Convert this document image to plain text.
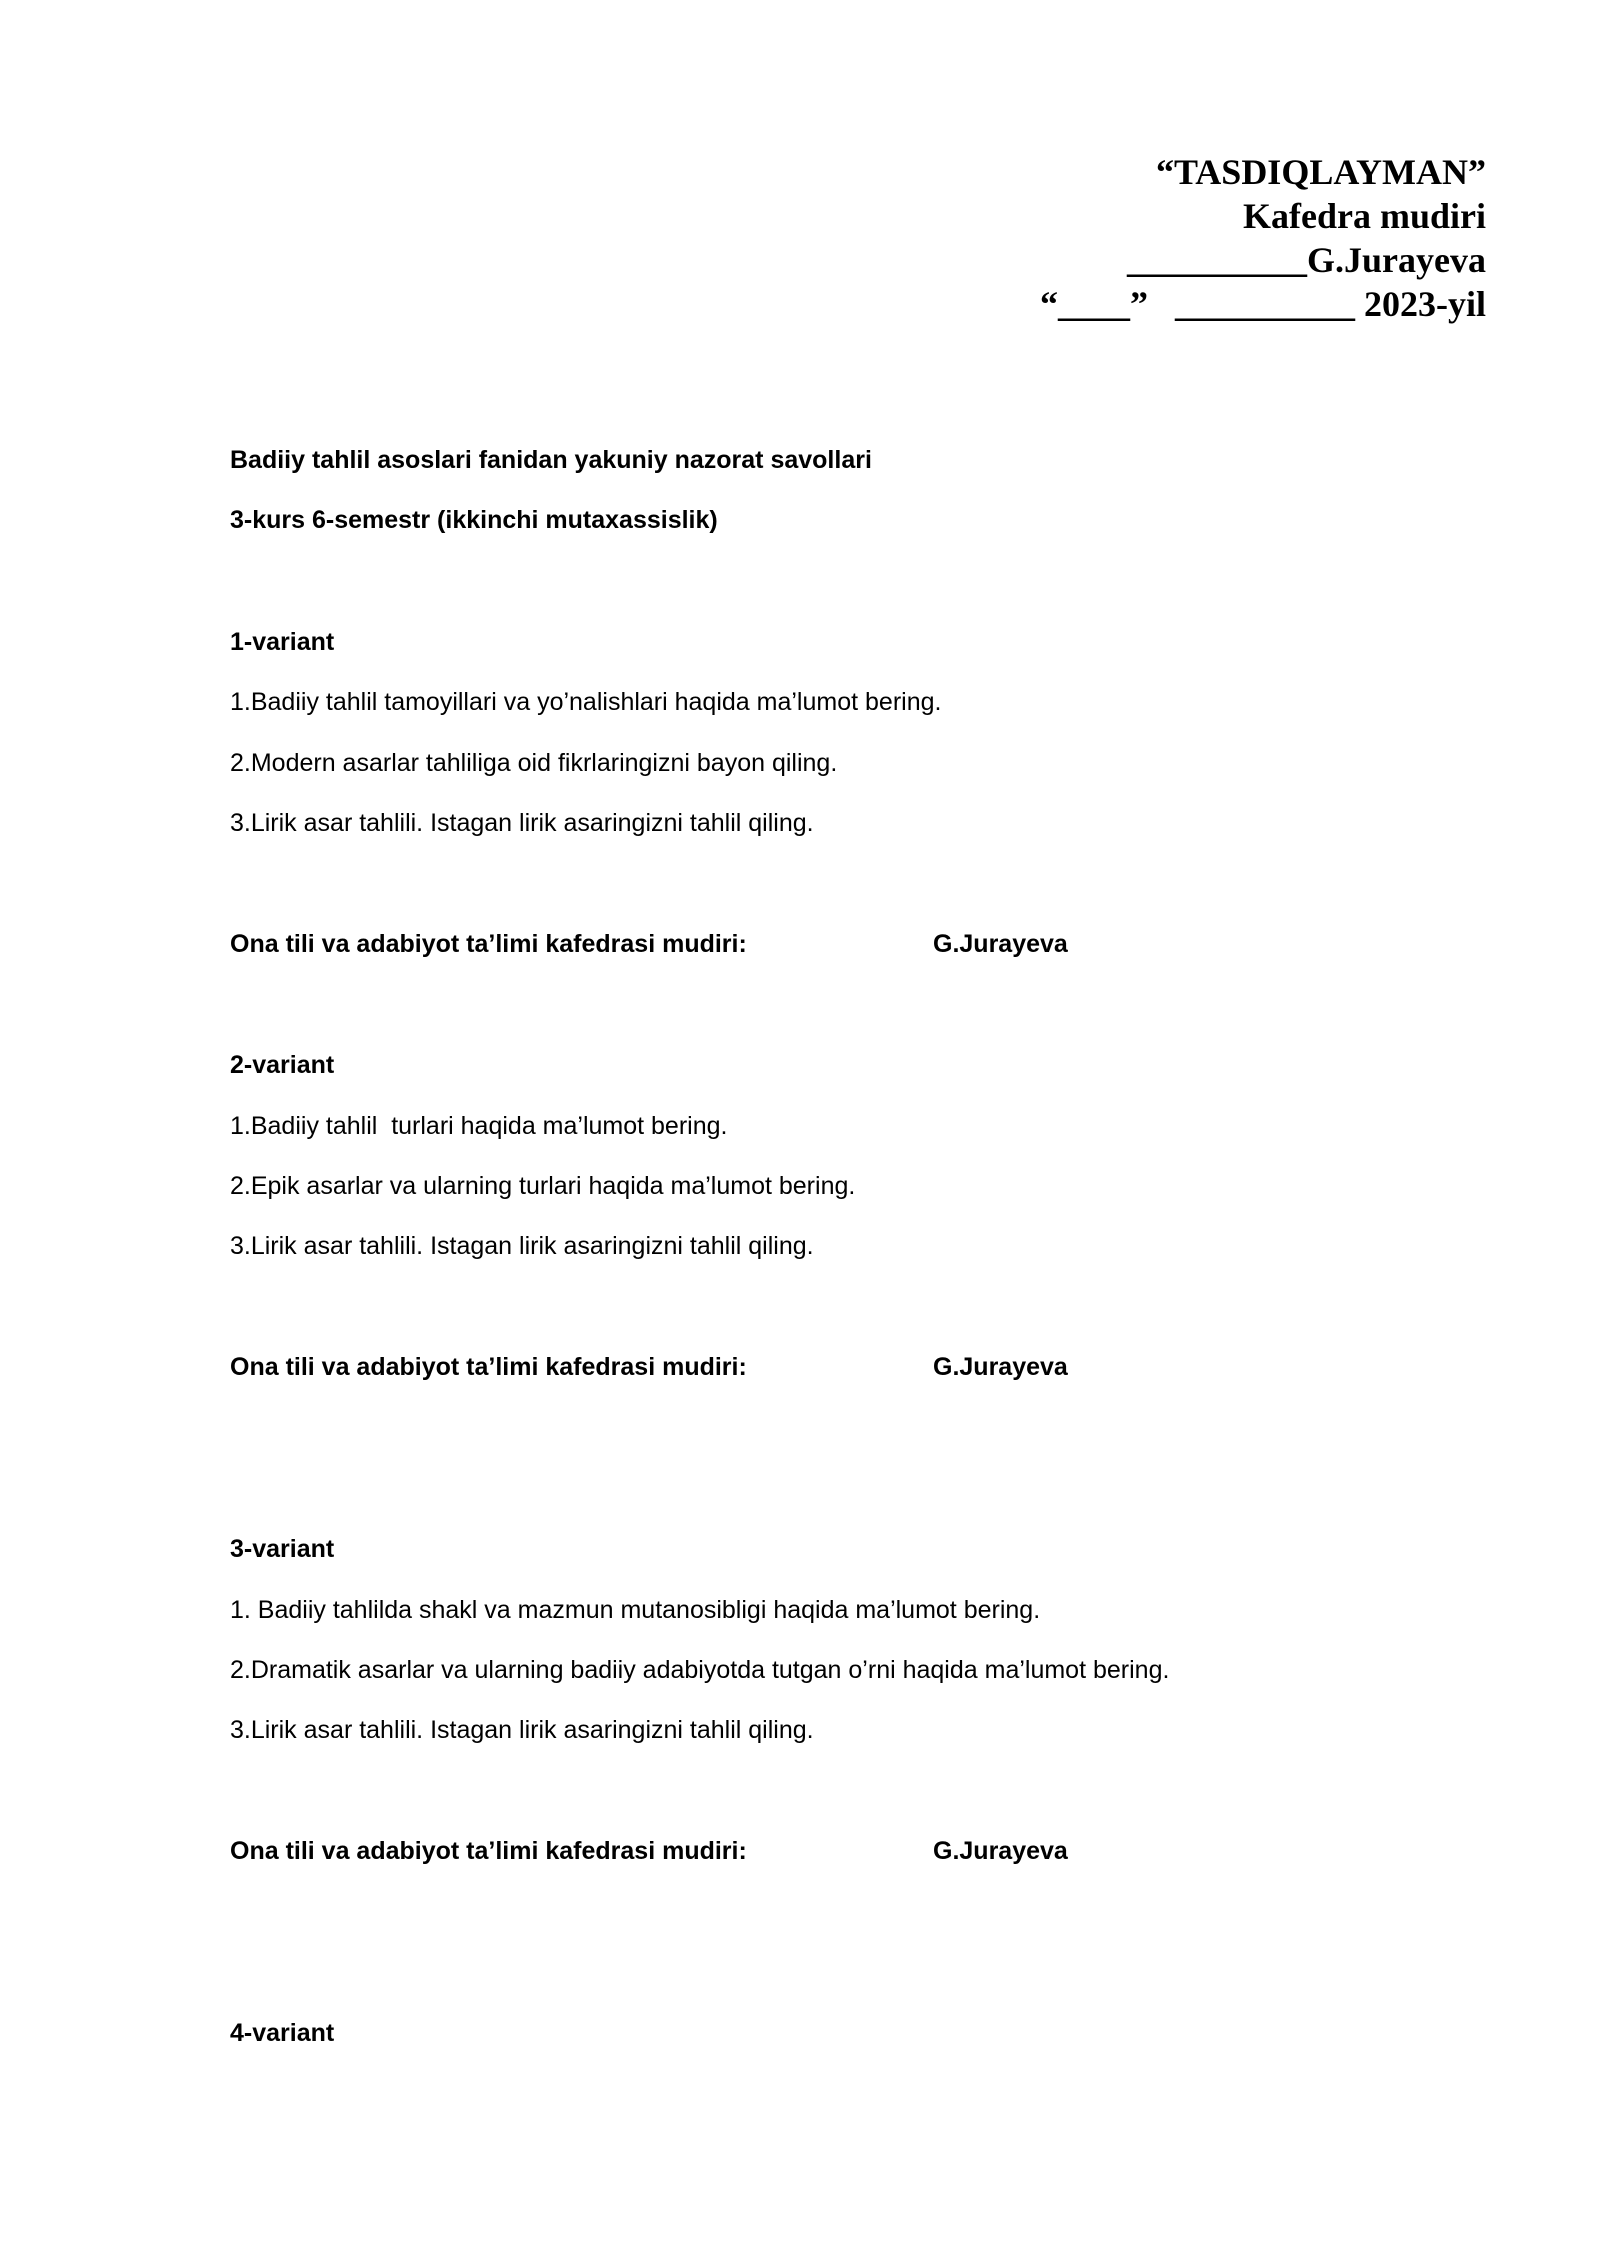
“TASDIQLAYMAN”
Kafedra mudiri
__________G.Jurayeva
“____”   __________ 2023-yil
Badiiy tahlil asoslari fanidan yakuniy nazorat savollari
3-kurs 6-semestr (ikkinchi mutaxassislik)
1-variant
1.Badiiy tahlil tamoyillari va yo’nalishlari haqida ma’lumot bering.
2.Modern asarlar tahliliga oid fikrlaringizni bayon qiling.
3.Lirik asar tahlili. Istagan lirik asaringizni tahlil qiling.
Ona tili va adabiyot ta’limi kafedrasi mudiri:	G.Jurayeva
2-variant
1.Badiiy tahlil  turlari haqida ma’lumot bering.
2.Epik asarlar va ularning turlari haqida ma’lumot bering.
3.Lirik asar tahlili. Istagan lirik asaringizni tahlil qiling.
Ona tili va adabiyot ta’limi kafedrasi mudiri:	G.Jurayeva
3-variant
1. Badiiy tahlilda shakl va mazmun mutanosibligi haqida ma’lumot bering.
2.Dramatik asarlar va ularning badiiy adabiyotda tutgan o’rni haqida ma’lumot bering.
3.Lirik asar tahlili. Istagan lirik asaringizni tahlil qiling.
Ona tili va adabiyot ta’limi kafedrasi mudiri:	G.Jurayeva
4-variant
